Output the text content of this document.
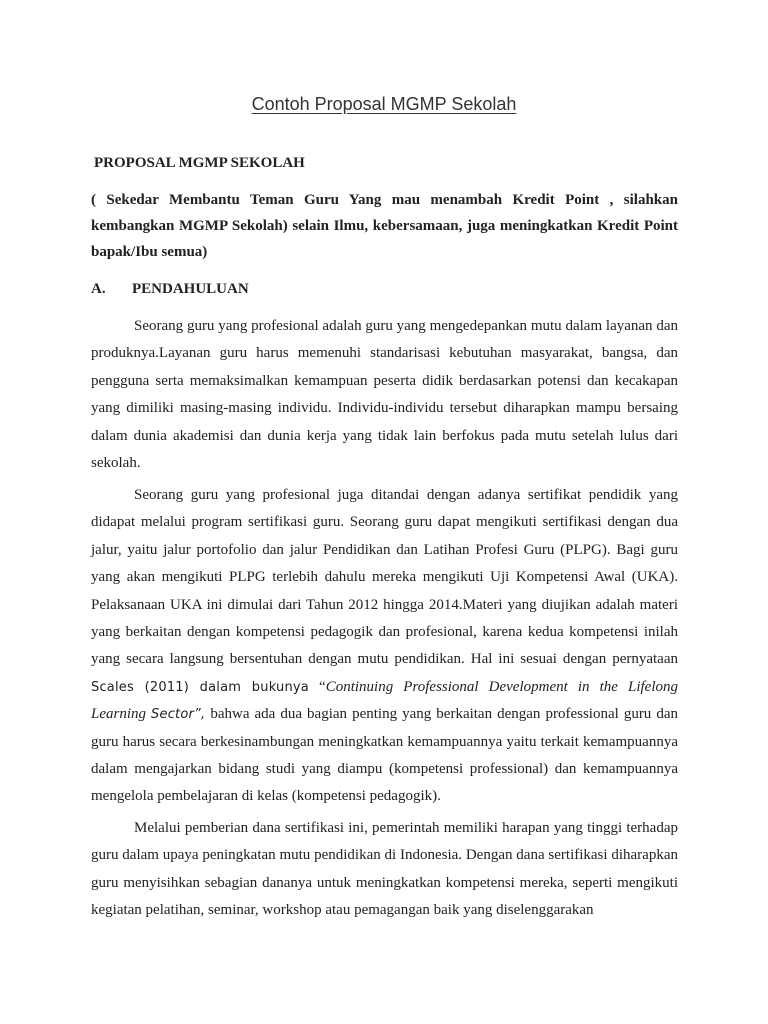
Contoh Proposal MGMP Sekolah
PROPOSAL MGMP SEKOLAH
( Sekedar Membantu Teman Guru Yang mau menambah Kredit Point , silahkan kembangkan MGMP Sekolah) selain Ilmu, kebersamaan, juga meningkatkan Kredit Point bapak/Ibu semua)
A. PENDAHULUAN

Seorang guru yang profesional adalah guru yang mengedepankan mutu dalam layanan dan produknya.Layanan guru harus memenuhi standarisasi kebutuhan masyarakat, bangsa, dan pengguna serta memaksimalkan kemampuan peserta didik berdasarkan potensi dan kecakapan yang dimiliki masing-masing individu. Individu-individu tersebut diharapkan mampu bersaing dalam dunia akademisi dan dunia kerja yang tidak lain berfokus pada mutu setelah lulus dari sekolah.

Seorang guru yang profesional juga ditandai dengan adanya sertifikat pendidik yang didapat melalui program sertifikasi guru. Seorang guru dapat mengikuti sertifikasi dengan dua jalur, yaitu jalur portofolio dan jalur Pendidikan dan Latihan Profesi Guru (PLPG). Bagi guru yang akan mengikuti PLPG terlebih dahulu mereka mengikuti Uji Kompetensi Awal (UKA). Pelaksanaan UKA ini dimulai dari Tahun 2012 hingga 2014.Materi yang diujikan adalah materi yang berkaitan dengan kompetensi pedagogik dan profesional, karena kedua kompetensi inilah yang secara langsung bersentuhan dengan mutu pendidikan. Hal ini sesuai dengan pernyataan Scales (2011) dalam bukunya “Continuing Professional Development in the Lifelong Learning Sector”, bahwa ada dua bagian penting yang berkaitan dengan professional guru dan guru harus secara berkesinambungan meningkatkan kemampuannya yaitu terkait kemampuannya dalam mengajarkan bidang studi yang diampu (kompetensi professional) dan kemampuannya mengelola pembelajaran di kelas (kompetensi pedagogik).

Melalui pemberian dana sertifikasi ini, pemerintah memiliki harapan yang tinggi terhadap guru dalam upaya peningkatan mutu pendidikan di Indonesia. Dengan dana sertifikasi diharapkan guru menyisihkan sebagian dananya untuk meningkatkan kompetensi mereka, seperti mengikuti kegiatan pelatihan, seminar, workshop atau pemagangan baik yang diselenggarakan
